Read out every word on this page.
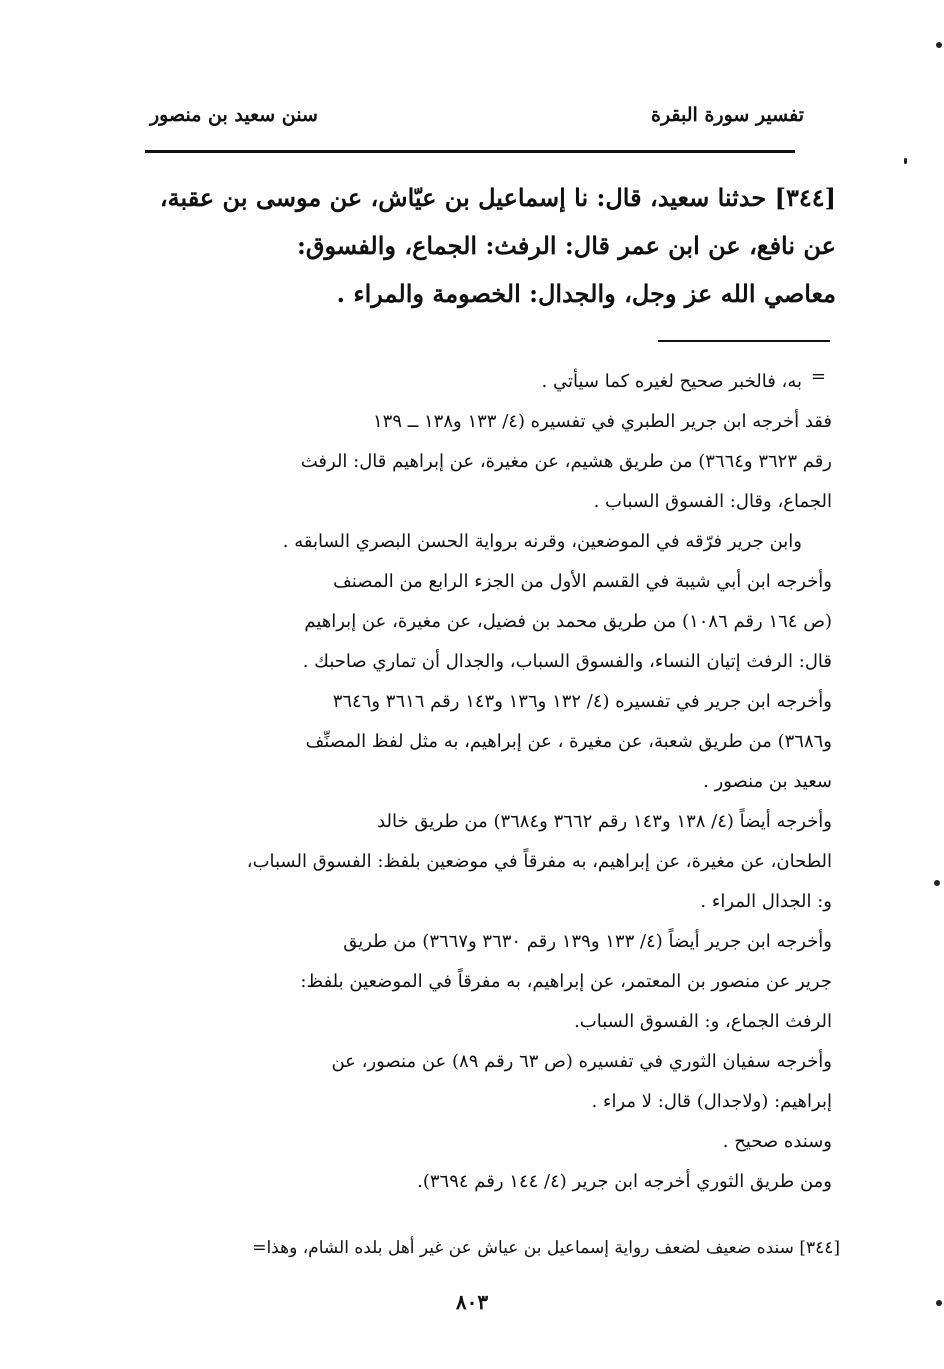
تفسير سورة البقرة
سنن سعيد بن منصور
[٣٤٤] حدثنا سعيد، قال: نا إسماعيل بن عيّاش، عن موسى بن عقبة،
عن نافع، عن ابن عمر قال: الرفث: الجماع، والفسوق:
معاصي الله عز وجل، والجدال: الخصومة والمراء .
=
به، فالخبر صحيح لغيره كما سيأتي .
فقد أخرجه ابن جرير الطبري في تفسيره (٤/ ١٣٣ و١٣٨ ــ ١٣٩
رقم ٣٦٢٣ و٣٦٦٤) من طريق هشيم، عن مغيرة، عن إبراهيم قال: الرفث
الجماع، وقال: الفسوق السباب .
وابن جرير فرّقه في الموضعين، وقرنه برواية الحسن البصري السابقه .
وأخرجه ابن أبي شيبة في القسم الأول من الجزء الرابع من المصنف
(ص ١٦٤ رقم ١٠٨٦) من طريق محمد بن فضيل، عن مغيرة، عن إبراهيم
قال: الرفث إتيان النساء، والفسوق السباب، والجدال أن تماري صاحبك .
وأخرجه ابن جرير في تفسيره (٤/ ١٣٢ و١٣٦ و١٤٣ رقم ٣٦١٦ و٣٦٤٦
و٣٦٨٦) من طريق شعبة، عن مغيرة ، عن إبراهيم، به مثل لفظ المصنِّف
سعيد بن منصور .
وأخرجه أيضاً (٤/ ١٣٨ و١٤٣ رقم ٣٦٦٢ و٣٦٨٤) من طريق خالد
الطحان، عن مغيرة، عن إبراهيم، به مفرقاً في موضعين بلفظ: الفسوق السباب،
و: الجدال المراء .
وأخرجه ابن جرير أيضاً (٤/ ١٣٣ و١٣٩ رقم ٣٦٣٠ و٣٦٦٧) من طريق
جرير عن منصور بن المعتمر، عن إبراهيم، به مفرقاً في الموضعين بلفظ:
الرفث الجماع، و: الفسوق السباب.
وأخرجه سفيان الثوري في تفسيره (ص ٦٣ رقم ٨٩) عن منصور، عن
إبراهيم: (ولاجدال) قال: لا مراء .
وسنده صحيح .
ومن طريق الثوري أخرجه ابن جرير (٤/ ١٤٤ رقم ٣٦٩٤).
[٣٤٤] سنده ضعيف لضعف رواية إسماعيل بن عياش عن غير أهل بلده الشام، وهذا=
٨٠٣
